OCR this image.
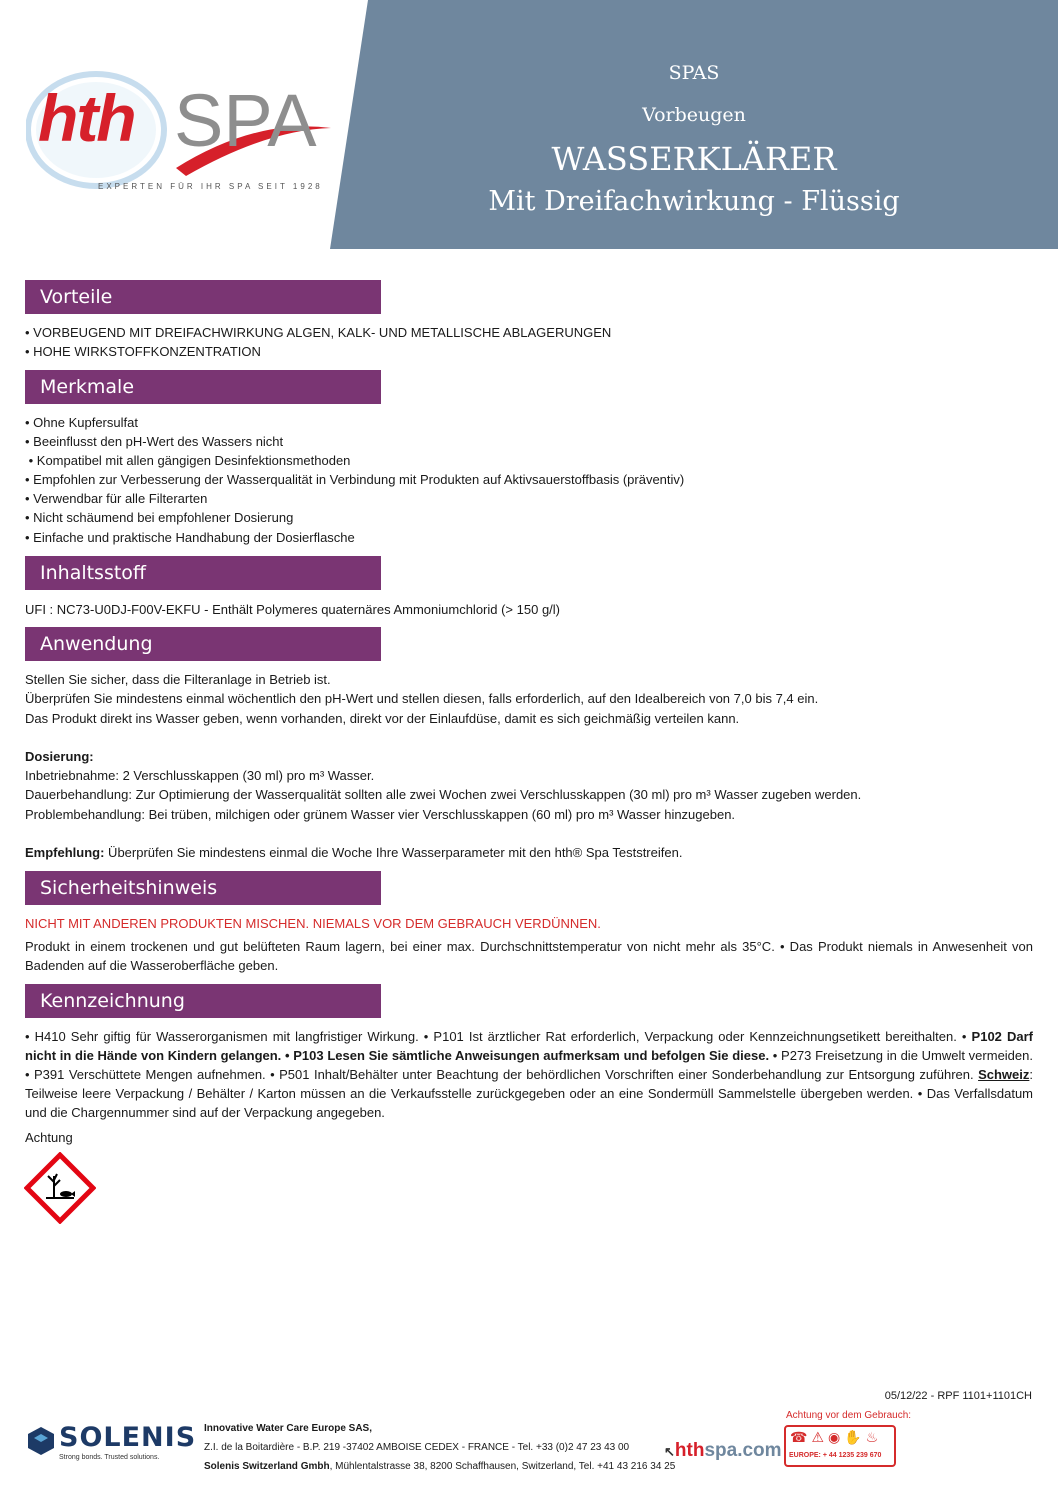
SPAS
Vorbeugen
WASSERKLÄRER
Mit Dreifachwirkung - Flüssig
hth SPA
EXPERTEN FÜR IHR SPA SEIT 1928
Vorteile
• VORBEUGEND MIT DREIFACHWIRKUNG ALGEN, KALK- UND METALLISCHE ABLAGERUNGEN
• HOHE WIRKSTOFFKONZENTRATION
Merkmale
• Ohne Kupfersulfat
• Beeinflusst den pH-Wert des Wassers nicht
• Kompatibel mit allen gängigen Desinfektionsmethoden
• Empfohlen zur Verbesserung der Wasserqualität in Verbindung mit Produkten auf Aktivsauerstoffbasis (präventiv)
• Verwendbar für alle Filterarten
• Nicht schäumend bei empfohlener Dosierung
• Einfache und praktische Handhabung der Dosierflasche
Inhaltsstoff
UFI : NC73-U0DJ-F00V-EKFU - Enthält Polymeres quaternäres Ammoniumchlorid (> 150 g/l)
Anwendung
Stellen Sie sicher, dass die Filteranlage in Betrieb ist.
Überprüfen Sie mindestens einmal wöchentlich den pH-Wert und stellen diesen, falls erforderlich, auf den Idealbereich von 7,0 bis 7,4 ein.
Das Produkt direkt ins Wasser geben, wenn vorhanden, direkt vor der Einlaufdüse, damit es sich geichmäßig verteilen kann.
Dosierung:
Inbetriebnahme: 2 Verschlusskappen (30 ml) pro m³ Wasser.
Dauerbehandlung: Zur Optimierung der Wasserqualität sollten alle zwei Wochen zwei Verschlusskappen (30 ml) pro m³ Wasser zugeben werden.
Problembehandlung: Bei trüben, milchigen oder grünem Wasser vier Verschlusskappen (60 ml) pro m³ Wasser hinzugeben.
Empfehlung: Überprüfen Sie mindestens einmal die Woche Ihre Wasserparameter mit den hth® Spa Teststreifen.
Sicherheitshinweis
NICHT MIT ANDEREN PRODUKTEN MISCHEN. NIEMALS VOR DEM GEBRAUCH VERDÜNNEN.
Produkt in einem trockenen und gut belüfteten Raum lagern, bei einer max. Durchschnittstemperatur von nicht mehr als 35°C. • Das Produkt niemals in Anwesenheit von Badenden auf die Wasseroberfläche geben.
Kennzeichnung
• H410 Sehr giftig für Wasserorganismen mit langfristiger Wirkung. • P101 Ist ärztlicher Rat erforderlich, Verpackung oder Kennzeichnungsetikett bereithalten. • P102 Darf nicht in die Hände von Kindern gelangen. • P103 Lesen Sie sämtliche Anweisungen aufmerksam und befolgen Sie diese. • P273 Freisetzung in die Umwelt vermeiden. • P391 Verschüttete Mengen aufnehmen. • P501 Inhalt/Behälter unter Beachtung der behördlichen Vorschriften einer Sonderbehandlung zur Entsorgung zuführen. Schweiz: Teilweise leere Verpackung / Behälter / Karton müssen an die Verkaufsstelle zurückgegeben oder an eine Sondermüll Sammelstelle übergeben werden. • Das Verfallsdatum und die Chargennummer sind auf der Verpackung angegeben.
Achtung
05/12/22 - RPF 1101+1101CH
SOLENIS
Strong bonds. Trusted solutions.
Innovative Water Care Europe SAS,
Z.I. de la Boitardière - B.P. 219 -37402 AMBOISE CEDEX - FRANCE - Tel. +33 (0)2 47 23 43 00
Solenis Switzerland Gmbh, Mühlentalstrasse 38, 8200 Schaffhausen, Switzerland, Tel. +41 43 216 34 25
↖hthspa.com
Achtung vor dem Gebrauch:
☎⚠◉✋♨
EUROPE: + 44 1235 239 670
